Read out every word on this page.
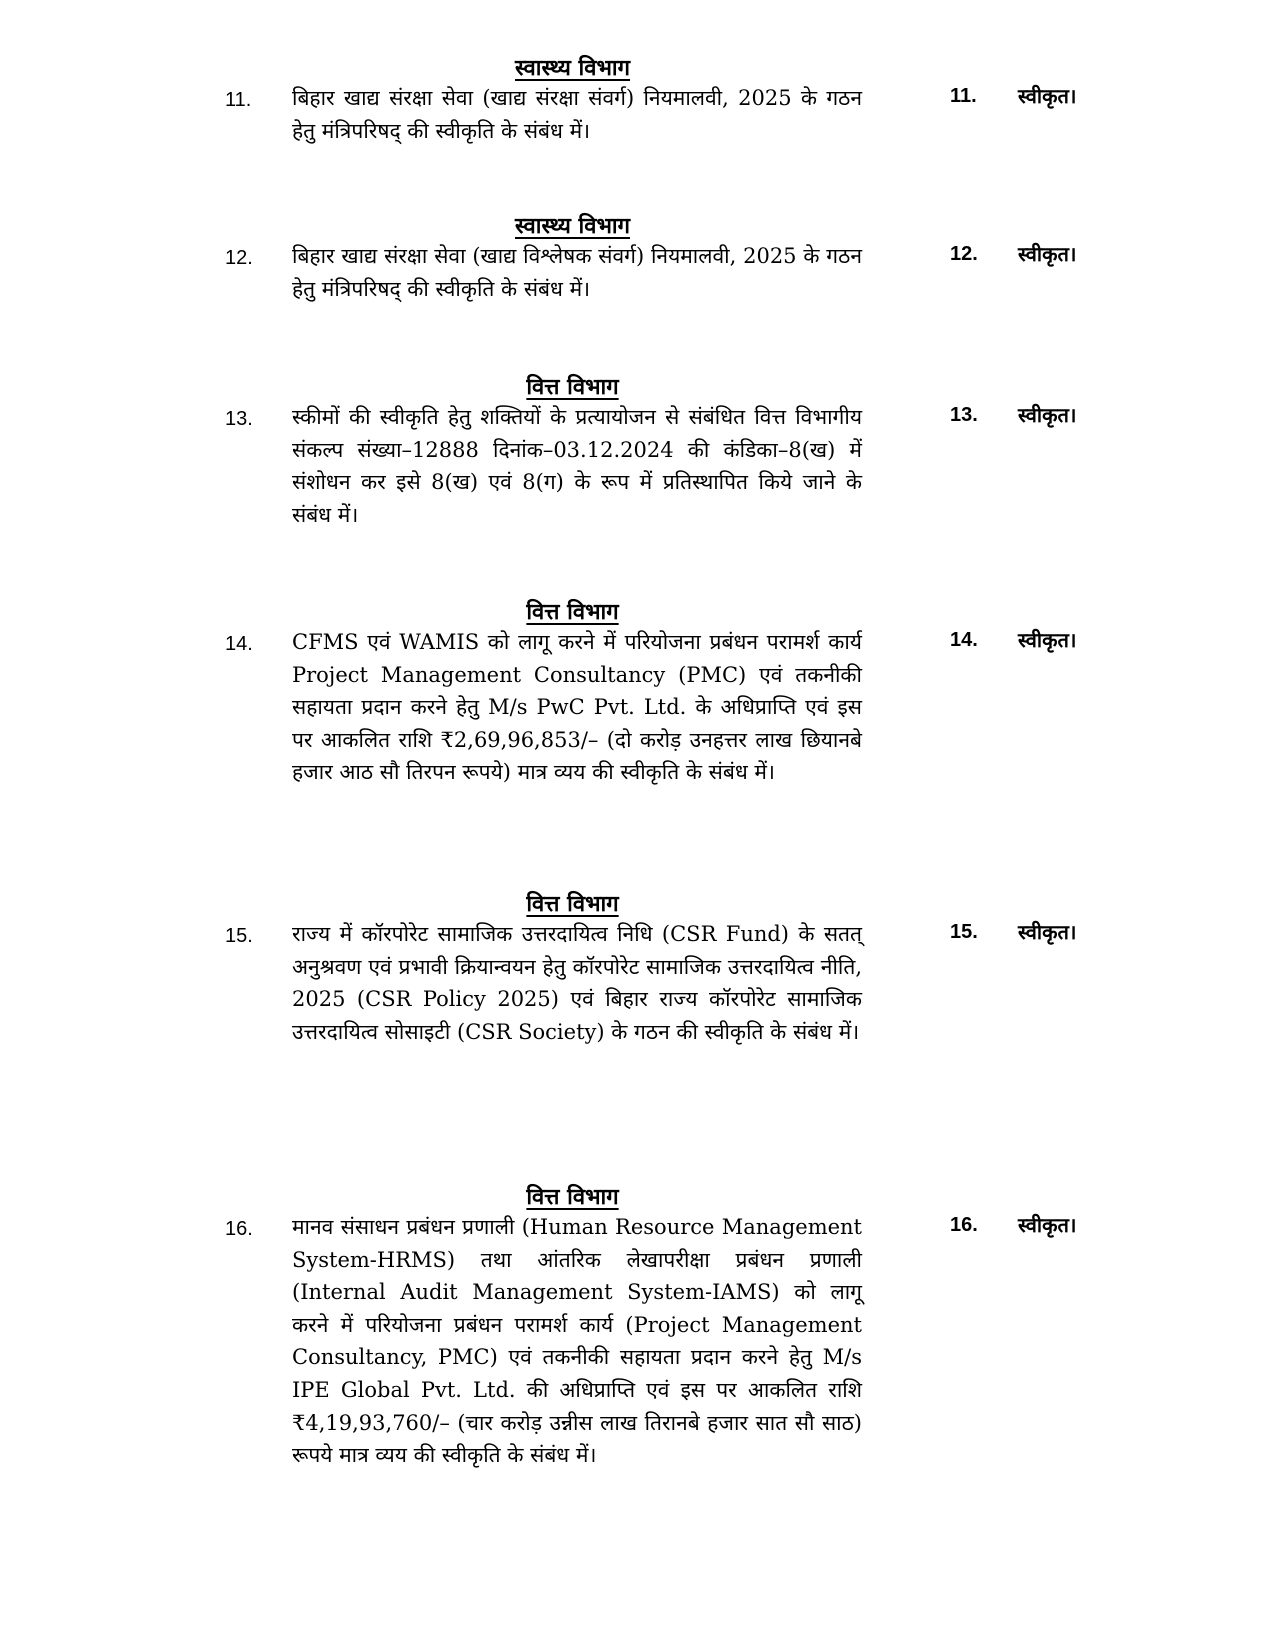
स्वास्थ्य विभाग
11. बिहार खाद्य संरक्षा सेवा (खाद्य संरक्षा संवर्ग) नियमालवी, 2025 के गठन हेतु मंत्रिपरिषद् की स्वीकृति के संबंध में।

11. स्वीकृत।
स्वास्थ्य विभाग
12. बिहार खाद्य संरक्षा सेवा (खाद्य विश्लेषक संवर्ग) नियमालवी, 2025 के गठन हेतु मंत्रिपरिषद् की स्वीकृति के संबंध में।

12. स्वीकृत।
वित्त विभाग
13. स्कीमों की स्वीकृति हेतु शक्तियों के प्रत्यायोजन से संबंधित वित्त विभागीय संकल्प संख्या–12888 दिनांक–03.12.2024 की कंडिका–8(ख) में संशोधन कर इसे 8(ख) एवं 8(ग) के रूप में प्रतिस्थापित किये जाने के संबंध में।

13. स्वीकृत।
वित्त विभाग
14. CFMS एवं WAMIS को लागू करने में परियोजना प्रबंधन परामर्श कार्य Project Management Consultancy (PMC) एवं तकनीकी सहायता प्रदान करने हेतु M/s PwC Pvt. Ltd. के अधिप्राप्ति एवं इस पर आकलित राशि ₹2,69,96,853/– (दो करोड़ उनहत्तर लाख छियानबे हजार आठ सौ तिरपन रूपये) मात्र व्यय की स्वीकृति के संबंध में।

14. स्वीकृत।
वित्त विभाग
15. राज्य में कॉरपोरेट सामाजिक उत्तरदायित्व निधि (CSR Fund) के सतत् अनुश्रवण एवं प्रभावी क्रियान्वयन हेतु कॉरपोरेट सामाजिक उत्तरदायित्व नीति, 2025 (CSR Policy 2025) एवं बिहार राज्य कॉरपोरेट सामाजिक उत्तरदायित्व सोसाइटी (CSR Society) के गठन की स्वीकृति के संबंध में।

15. स्वीकृत।
वित्त विभाग
16. मानव संसाधन प्रबंधन प्रणाली (Human Resource Management System-HRMS) तथा आंतरिक लेखापरीक्षा प्रबंधन प्रणाली (Internal Audit Management System-IAMS) को लागू करने में परियोजना प्रबंधन परामर्श कार्य (Project Management Consultancy, PMC) एवं तकनीकी सहायता प्रदान करने हेतु M/s IPE Global Pvt. Ltd. की अधिप्राप्ति एवं इस पर आकलित राशि ₹4,19,93,760/– (चार करोड़ उन्नीस लाख तिरानबे हजार सात सौ साठ) रूपये मात्र व्यय की स्वीकृति के संबंध में।

16. स्वीकृत।
